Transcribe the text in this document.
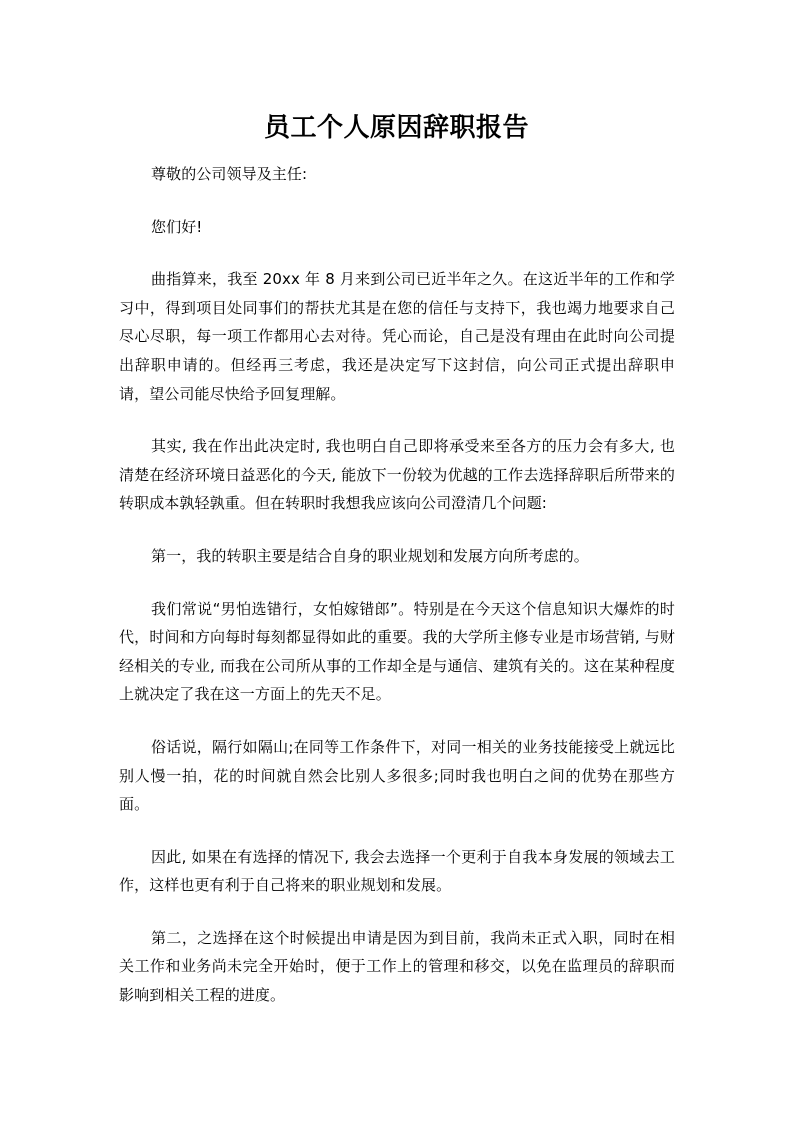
员工个人原因辞职报告

尊敬的公司领导及主任:

您们好!

曲指算来，我至 20xx 年 8 月来到公司已近半年之久。在这近半年的工作和学习中，得到项目处同事们的帮扶尤其是在您的信任与支持下，我也竭力地要求自己尽心尽职，每一项工作都用心去对待。凭心而论，自己是没有理由在此时向公司提出辞职申请的。但经再三考虑，我还是决定写下这封信，向公司正式提出辞职申请，望公司能尽快给予回复理解。

其实, 我在作出此决定时, 我也明白自己即将承受来至各方的压力会有多大, 也清楚在经济环境日益恶化的今天, 能放下一份较为优越的工作去选择辞职后所带来的转职成本孰轻孰重。但在转职时我想我应该向公司澄清几个问题:

第一，我的转职主要是结合自身的职业规划和发展方向所考虑的。

我们常说“男怕选错行，女怕嫁错郎”。特别是在今天这个信息知识大爆炸的时代，时间和方向每时每刻都显得如此的重要。我的大学所主修专业是市场营销, 与财经相关的专业, 而我在公司所从事的工作却全是与通信、建筑有关的。这在某种程度上就决定了我在这一方面上的先天不足。

俗话说，隔行如隔山;在同等工作条件下，对同一相关的业务技能接受上就远比别人慢一拍，花的时间就自然会比别人多很多;同时我也明白之间的优势在那些方面。

因此, 如果在有选择的情况下, 我会去选择一个更利于自我本身发展的领域去工作，这样也更有利于自己将来的职业规划和发展。

第二，之选择在这个时候提出申请是因为到目前，我尚未正式入职，同时在相关工作和业务尚未完全开始时，便于工作上的管理和移交，以免在监理员的辞职而影响到相关工程的进度。
